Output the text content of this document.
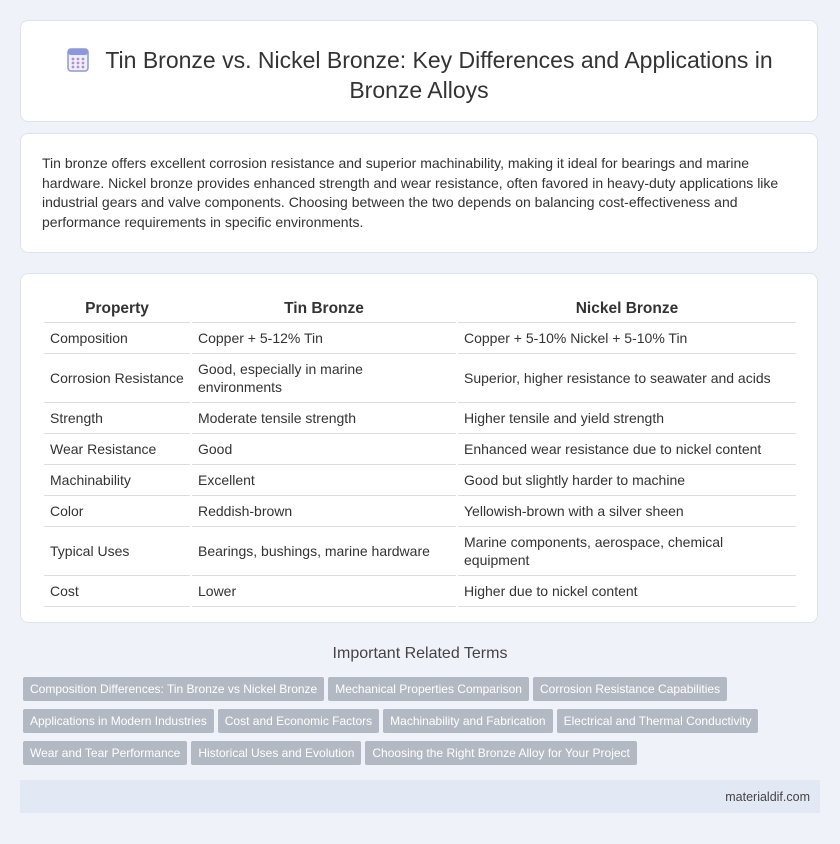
Tin Bronze vs. Nickel Bronze: Key Differences and Applications in Bronze Alloys
Tin bronze offers excellent corrosion resistance and superior machinability, making it ideal for bearings and marine hardware. Nickel bronze provides enhanced strength and wear resistance, often favored in heavy-duty applications like industrial gears and valve components. Choosing between the two depends on balancing cost-effectiveness and performance requirements in specific environments.
Property	Tin Bronze	Nickel Bronze
Composition	Copper + 5-12% Tin	Copper + 5-10% Nickel + 5-10% Tin
Corrosion Resistance	Good, especially in marine environments	Superior, higher resistance to seawater and acids
Strength	Moderate tensile strength	Higher tensile and yield strength
Wear Resistance	Good	Enhanced wear resistance due to nickel content
Machinability	Excellent	Good but slightly harder to machine
Color	Reddish-brown	Yellowish-brown with a silver sheen
Typical Uses	Bearings, bushings, marine hardware	Marine components, aerospace, chemical equipment
Cost	Lower	Higher due to nickel content
Important Related Terms
Composition Differences: Tin Bronze vs Nickel Bronze Mechanical Properties Comparison Corrosion Resistance Capabilities
Applications in Modern Industries Cost and Economic Factors Machinability and Fabrication Electrical and Thermal Conductivity
Wear and Tear Performance Historical Uses and Evolution Choosing the Right Bronze Alloy for Your Project
materialdif.com
